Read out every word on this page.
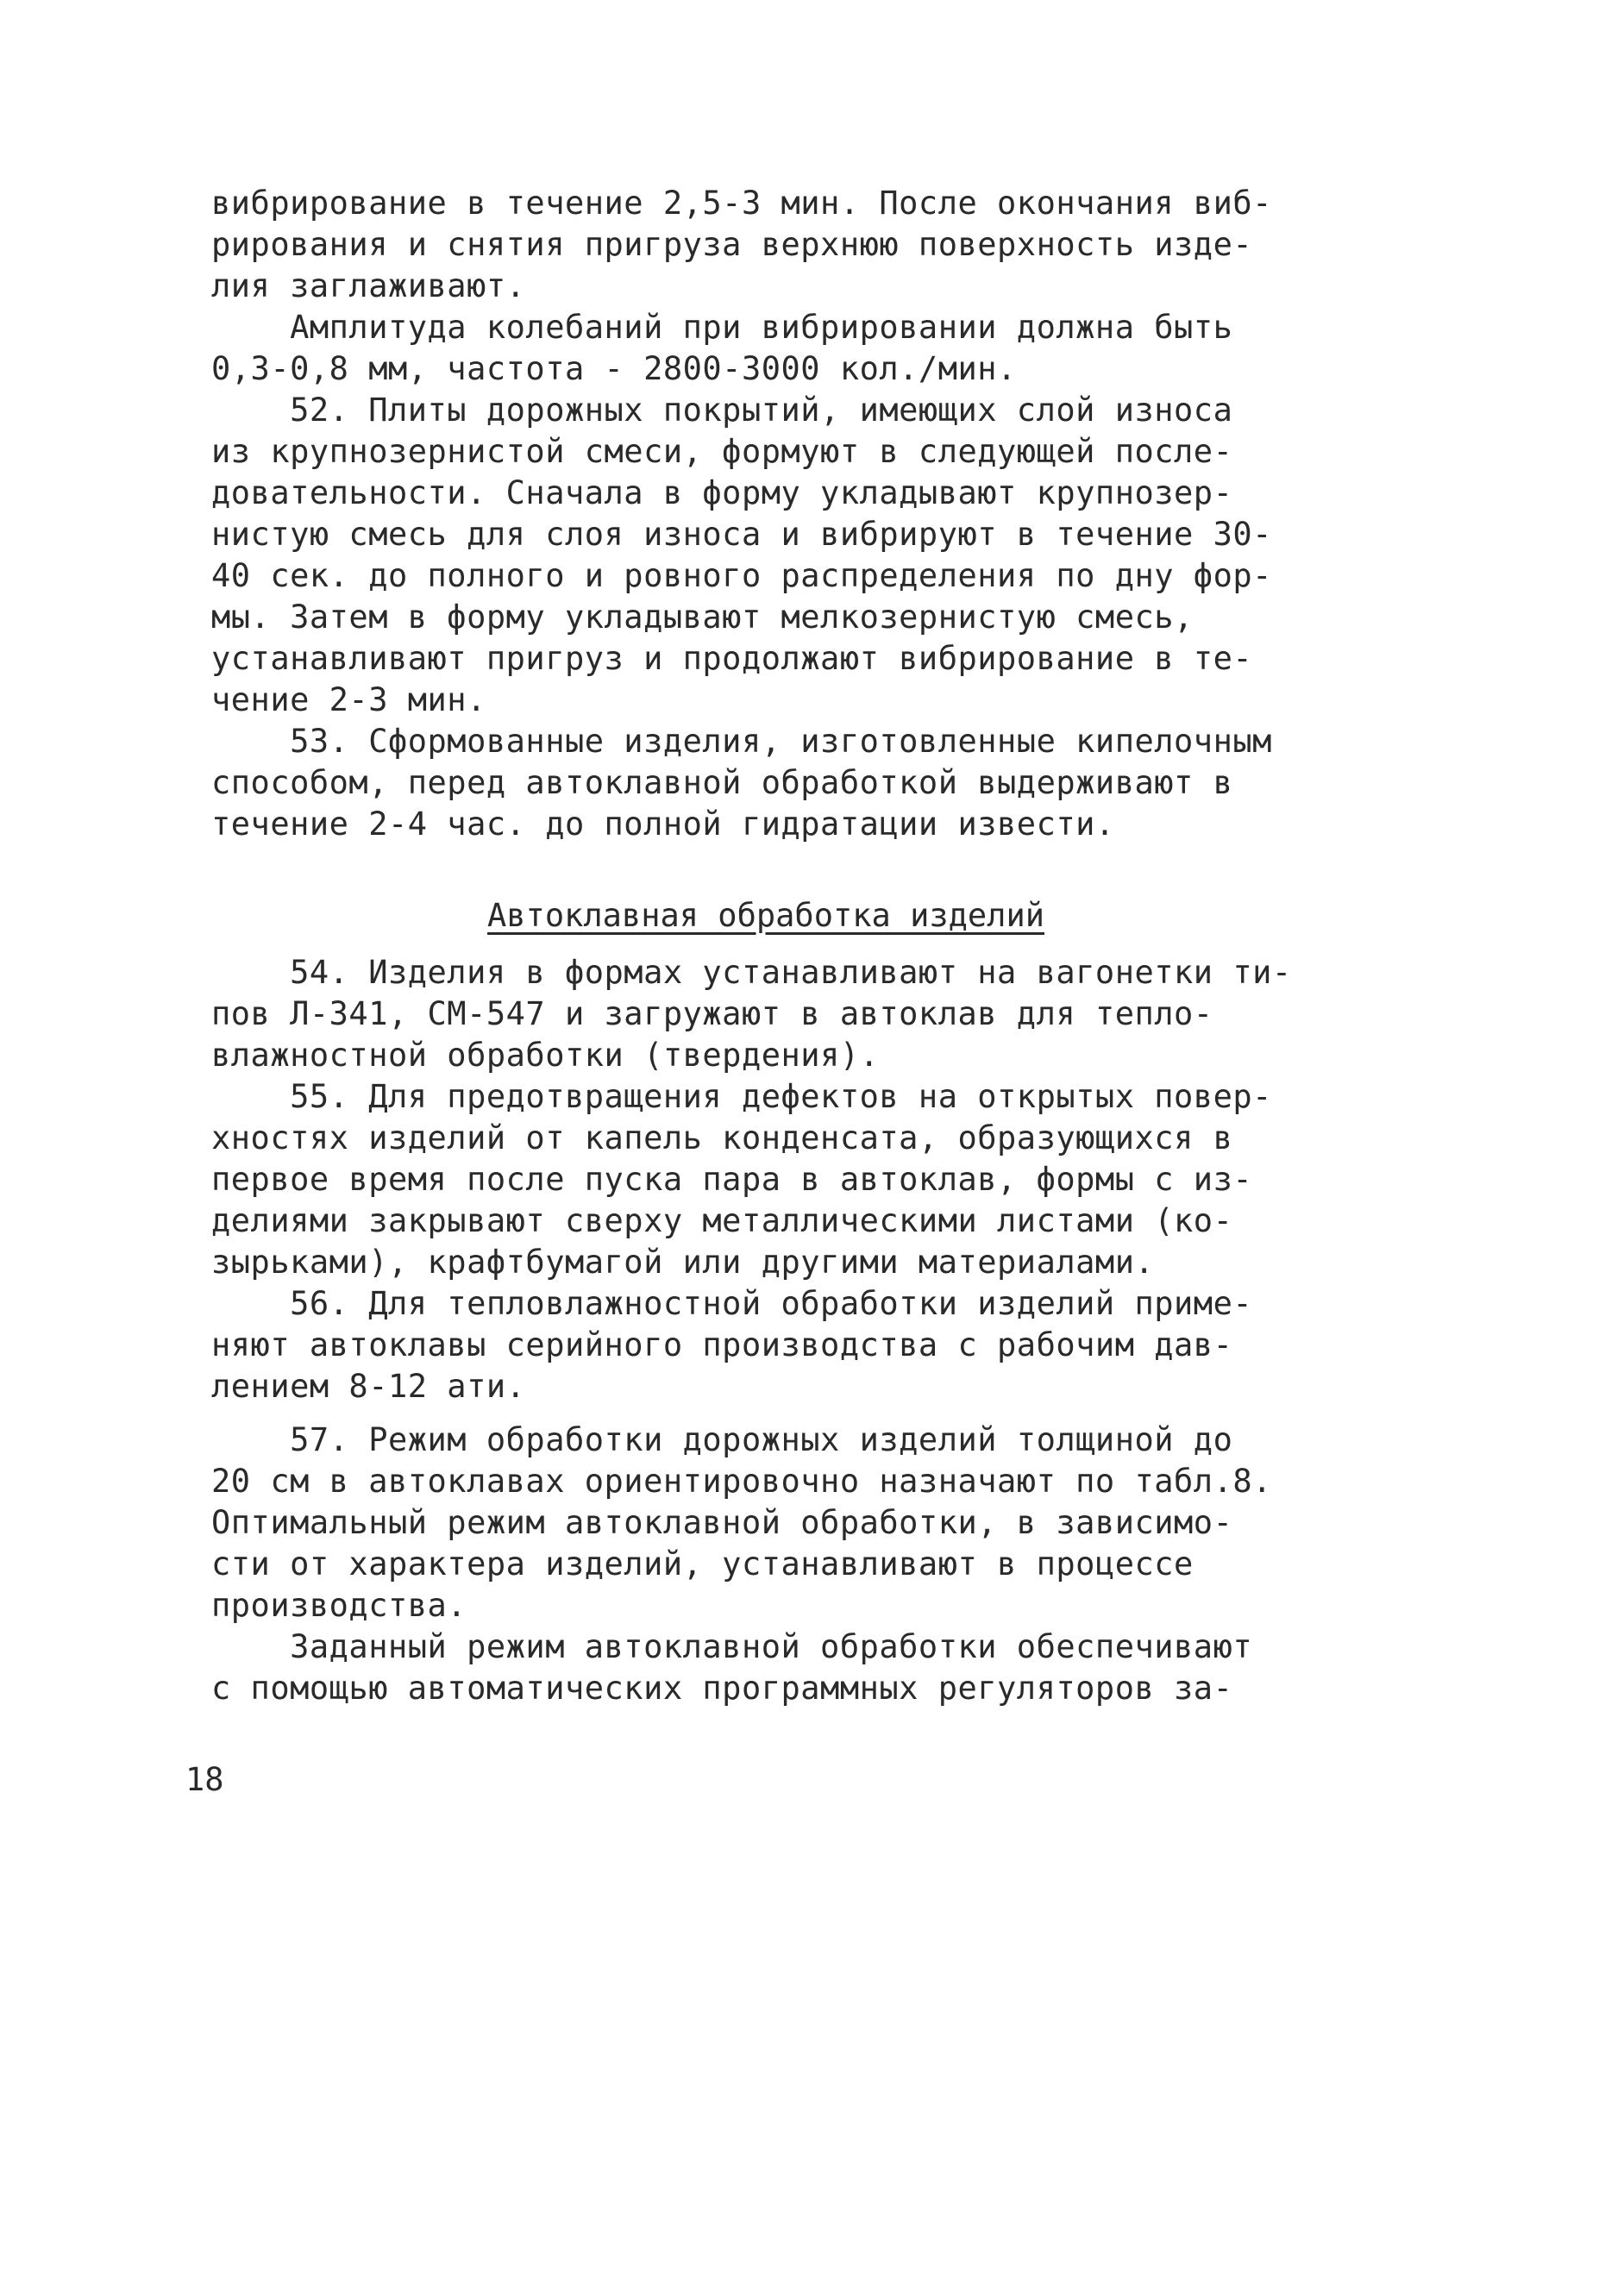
вибрирование в течение 2,5-3 мин. После окончания виб-
рирования и снятия пригруза верхнюю поверхность изде-
лия заглаживают.
Амплитуда колебаний при вибрировании должна быть
0,3-0,8 мм, частота - 2800-3000 кол./мин.
52. Плиты дорожных покрытий, имеющих слой износа
из крупнозернистой смеси, формуют в следующей после-
довательности. Сначала в форму укладывают крупнозер-
нистую смесь для слоя износа и вибрируют в течение 30-
40 сек. до полного и ровного распределения по дну фор-
мы. Затем в форму укладывают мелкозернистую смесь,
устанавливают пригруз и продолжают вибрирование в те-
чение 2-3 мин.
53. Сформованные изделия, изготовленные кипелочным
способом, перед автоклавной обработкой выдерживают в
течение 2-4 час. до полной гидратации извести.
Автоклавная обработка изделий
54. Изделия в формах устанавливают на вагонетки ти-
пов Л-341, СМ-547 и загружают в автоклав для тепло-
влажностной обработки (твердения).
55. Для предотвращения дефектов на открытых повер-
хностях изделий от капель конденсата, образующихся в
первое время после пуска пара в автоклав, формы с из-
делиями закрывают сверху металлическими листами (ко-
зырьками), крафтбумагой или другими материалами.
56. Для тепловлажностной обработки изделий приме-
няют автоклавы серийного производства с рабочим дав-
лением 8-12 ати.
57. Режим обработки дорожных изделий толщиной до
20 см в автоклавах ориентировочно назначают по табл.8.
Оптимальный режим автоклавной обработки, в зависимо-
сти от характера изделий, устанавливают в процессе
производства.
Заданный режим автоклавной обработки обеспечивают
с помощью автоматических программных регуляторов за-
18
